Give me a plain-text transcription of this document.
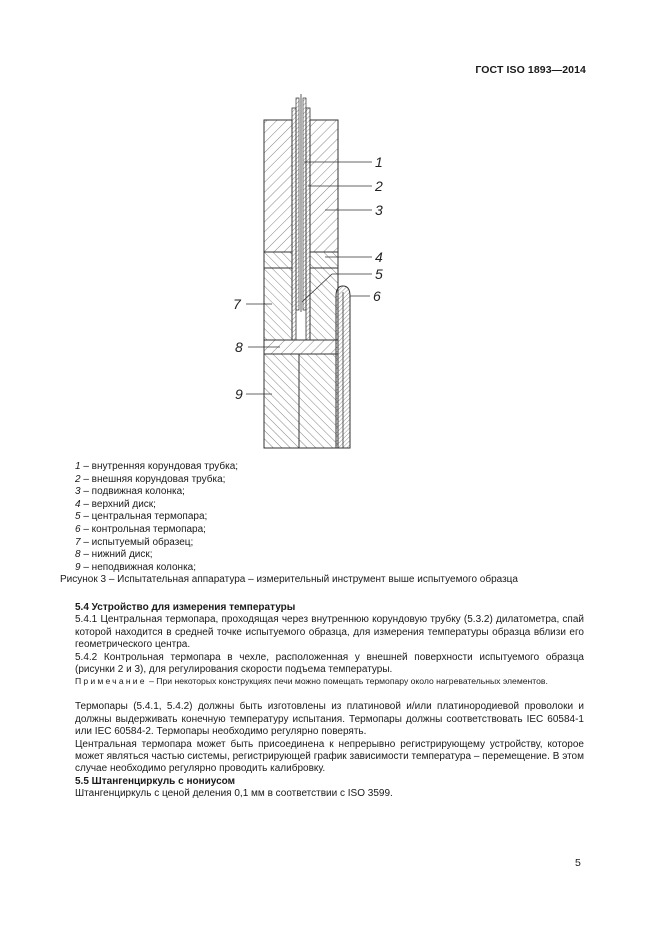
ГОСТ ISO 1893—2014
1
2
3
4
5
6
7
8
9
1 – внутренняя корундовая трубка;
2 – внешняя корундовая трубка;
3 – подвижная колонка;
4 – верхний диск;
5 – центральная термопара;
6 – контрольная термопара;
7 – испытуемый образец;
8 – нижний диск;
9 – неподвижная колонка;
Рисунок 3 – Испытательная аппаратура – измерительный инструмент выше испытуемого образца
5.4 Устройство для измерения температуры

5.4.1 Центральная термопара, проходящая через внутреннюю корундовую трубку (5.3.2) дилатометра, спай которой находится в средней точке испытуемого образца, для измерения температуры образца вблизи его геометрического центра.

5.4.2 Контрольная термопара в чехле, расположенная у внешней поверхности испытуемого образца (рисунки 2 и 3), для регулирования скорости подъема температуры.

Примечание – При некоторых конструкциях печи можно помещать термопару около нагревательных элементов.

Термопары (5.4.1, 5.4.2) должны быть изготовлены из платиновой и/или платинородиевой проволоки и должны выдерживать конечную температуру испытания. Термопары должны соответствовать IEC 60584-1 или IEC 60584-2. Термопары необходимо регулярно поверять.

Центральная термопара может быть присоединена к непрерывно регистрирующему устройству, которое может являться частью системы, регистрирующей график зависимости температура – перемещение. В этом случае необходимо регулярно проводить калибровку.

5.5 Штангенциркуль с нониусом

Штангенциркуль с ценой деления 0,1 мм в соответствии с ISO 3599.

5
